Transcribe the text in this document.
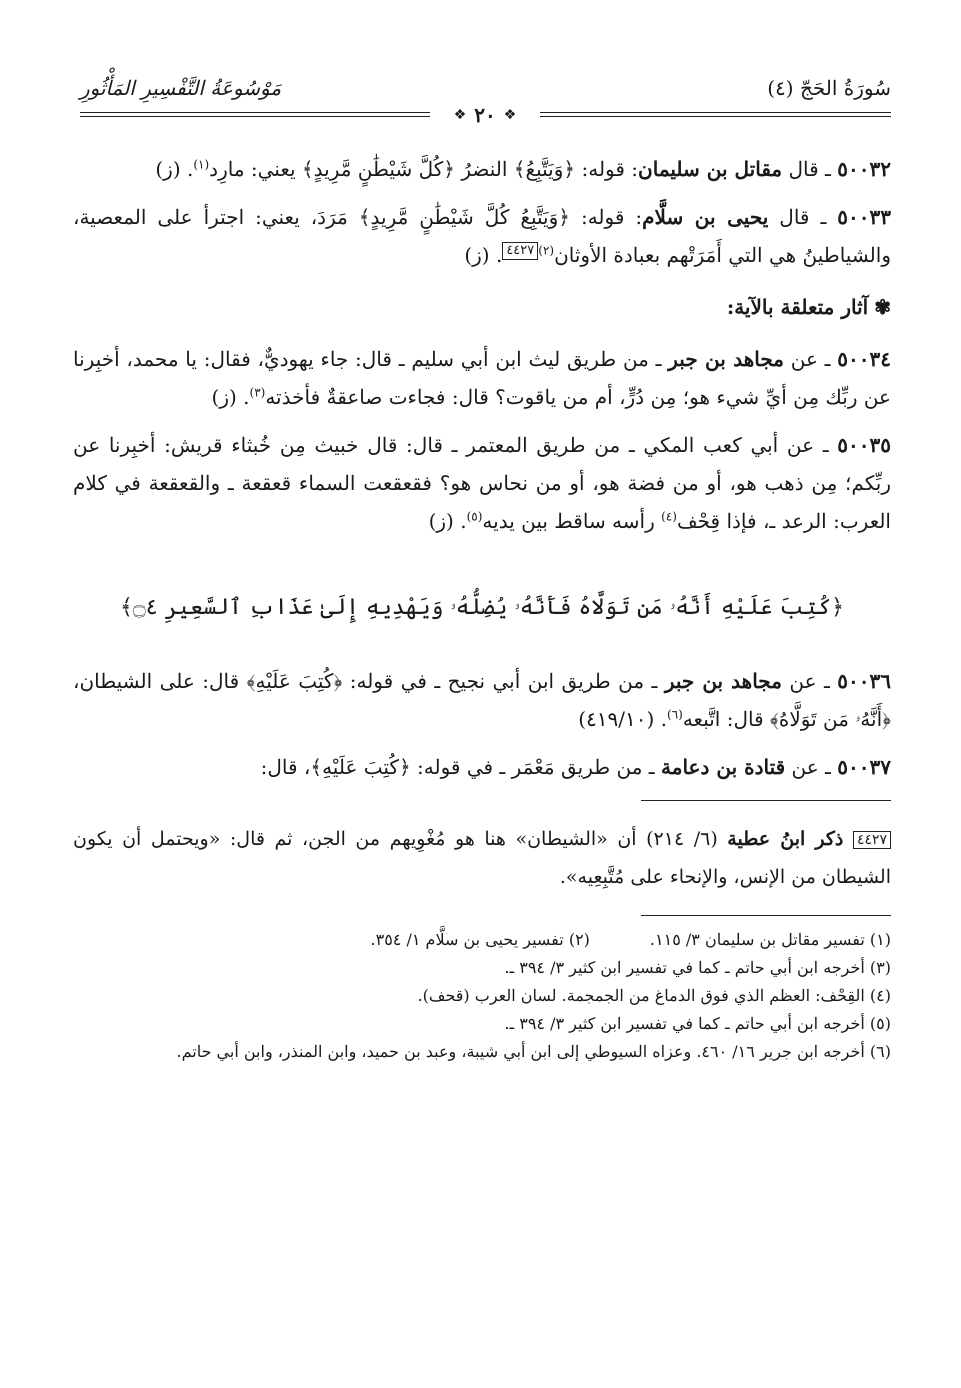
سُورَةُ الحَجّ (٤)
مَوْسُوعَةُ التَّفْسِيرِ المَأْثُورِ
❖
٢٠
❖

٥٠٠٣٢ ـ قال مقاتل بن سليمان: قوله: ﴿وَيَتَّبِعُ﴾ النضرُ ﴿كُلَّ شَيْطَٰنٍ مَّرِيدٍ﴾ يعني: مارِد$^{(١)}$. (ز)

٥٠٠٣٣ ـ قال يحيى بن سلَّام: قوله: ﴿وَيَتَّبِعُ كُلَّ شَيْطَٰنٍ مَّرِيدٍ﴾ مَرَدَ، يعني: اجترأ على المعصية، والشياطينُ هي التي أَمَرَتْهم بعبادة الأوثان$^{(٢)}$٤٤٢٧. (ز)

✾آثار متعلقة بالآية:

٥٠٠٣٤ ـ عن مجاهد بن جبر ـ من طريق ليث ابن أبي سليم ـ قال: جاء يهوديٌّ، فقال: يا محمد، أخبِرنا عن ربِّك مِن أيِّ شيء هو؛ مِن دُرٍّ، أم من ياقوت؟ قال: فجاءت صاعقةٌ فأخذته$^{(٣)}$. (ز)

٥٠٠٣٥ ـ عن أبي كعب المكي ـ من طريق المعتمر ـ قال: قال خبيث مِن خُبثاء قريش: أخبِرنا عن ربِّكم؛ مِن ذهب هو، أو من فضة هو، أو من نحاس هو؟ فقعقعت السماء قعقعة ـ والقعقعة في كلام العرب: الرعد ـ، فإذا قِحْف$^{(٤)}$ رأسه ساقط بين يديه$^{(٥)}$. (ز)

﴿كُتِبَ عَلَيْهِ أَنَّهُۥ مَن تَوَلَّاهُ فَأَنَّهُۥ يُضِلُّهُۥ وَيَهْدِيهِ إِلَىٰ عَذَابِ ٱلسَّعِيرِ ۝٤﴾

٥٠٠٣٦ ـ عن مجاهد بن جبر ـ من طريق ابن أبي نجيح ـ في قوله: ﴿كُتِبَ عَلَيْهِ﴾ قال: على الشيطان، ﴿أَنَّهُۥ مَن تَوَلَّاهُ﴾ قال: اتَّبعه$^{(٦)}$. (٤١٩/١٠)

٥٠٠٣٧ ـ عن قتادة بن دعامة ـ من طريق مَعْمَر ـ في قوله: ﴿كُتِبَ عَلَيْهِ﴾، قال:

٤٤٢٧ ذكر ابنُ عطية (٦/ ٢١٤) أن «الشيطان» هنا هو مُغْوِيهم من الجن، ثم قال: «ويحتمل أن يكون الشيطان من الإنس، والإنحاء على مُتَّبِعِيه».

(١) تفسير مقاتل بن سليمان ٣/ ١١٥.
(٢) تفسير يحيى بن سلَّام ١/ ٣٥٤.
(٣) أخرجه ابن أبي حاتم ـ كما في تفسير ابن كثير ٣/ ٣٩٤ ـ.
(٤) القِحْف: العظم الذي فوق الدماغ من الجمجمة. لسان العرب (قحف).
(٥) أخرجه ابن أبي حاتم ـ كما في تفسير ابن كثير ٣/ ٣٩٤ ـ.
(٦) أخرجه ابن جرير ١٦/ ٤٦٠. وعزاه السيوطي إلى ابن أبي شيبة، وعبد بن حميد، وابن المنذر، وابن أبي حاتم.
